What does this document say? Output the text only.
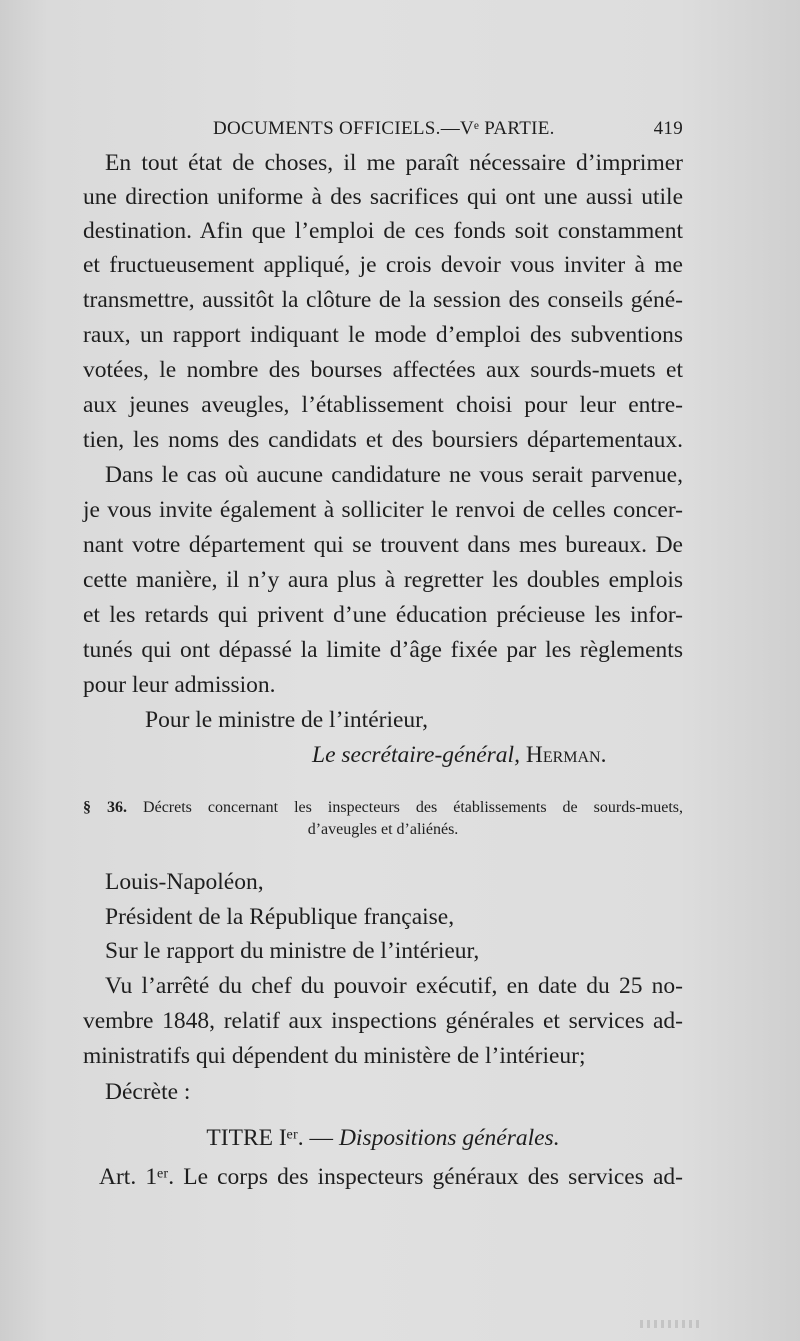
DOCUMENTS OFFICIELS.—Vᵉ PARTIE.	419
En tout état de choses, il me paraît nécessaire d’imprimer
une direction uniforme à des sacrifices qui ont une aussi utile
destination. Afin que l’emploi de ces fonds soit constamment
et fructueusement appliqué, je crois devoir vous inviter à me
transmettre, aussitôt la clôture de la session des conseils géné-
raux, un rapport indiquant le mode d’emploi des subventions
votées, le nombre des bourses affectées aux sourds-muets et
aux jeunes aveugles, l’établissement choisi pour leur entre-
tien, les noms des candidats et des boursiers départementaux.
Dans le cas où aucune candidature ne vous serait parvenue,
je vous invite également à solliciter le renvoi de celles concer-
nant votre département qui se trouvent dans mes bureaux. De
cette manière, il n’y aura plus à regretter les doubles emplois
et les retards qui privent d’une éducation précieuse les infor-
tunés qui ont dépassé la limite d’âge fixée par les règlements
pour leur admission.
Pour le ministre de l’intérieur,
Le secrétaire-général, Herman.
§ 36. Décrets concernant les inspecteurs des établissements de sourds-muets,
d’aveugles et d’aliénés.
Louis-Napoléon,
Président de la République française,
Sur le rapport du ministre de l’intérieur,
Vu l’arrêté du chef du pouvoir exécutif, en date du 25 no-
vembre 1848, relatif aux inspections générales et services ad-
ministratifs qui dépendent du ministère de l’intérieur;
Décrète :
TITRE Iᵉʳ. — Dispositions générales.
Art. 1ᵉʳ. Le corps des inspecteurs généraux des services ad-
